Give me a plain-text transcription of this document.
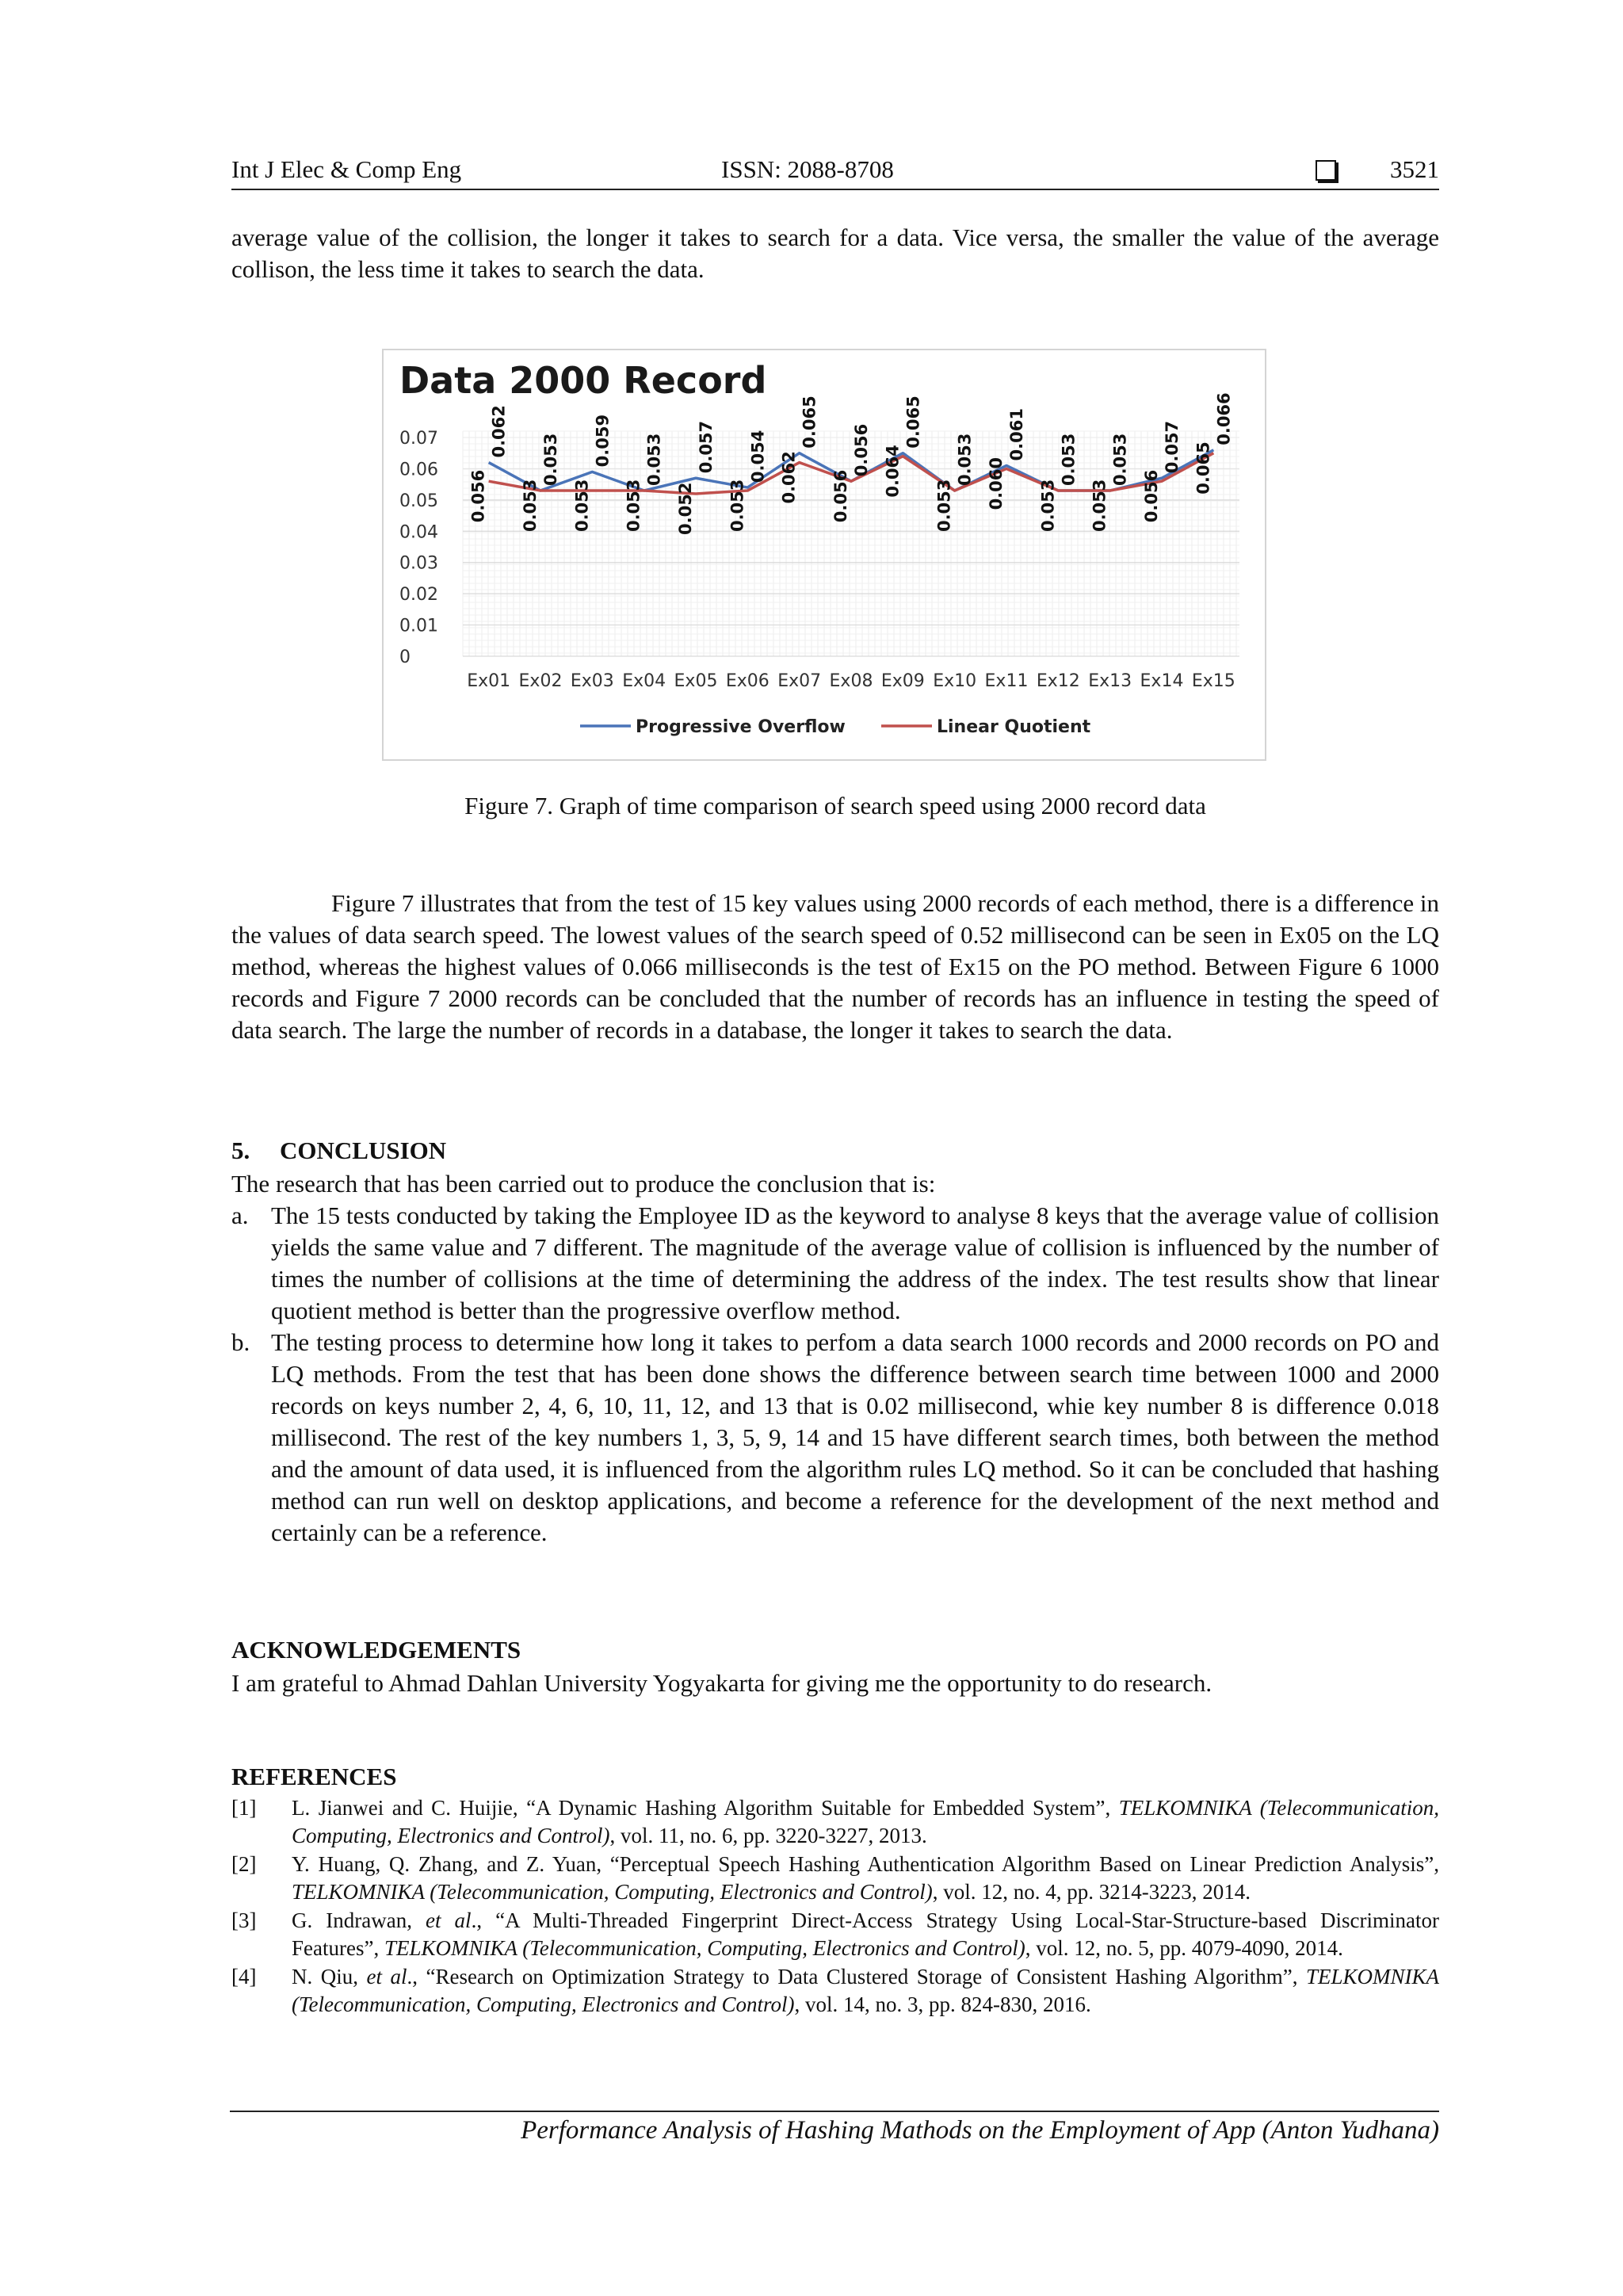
Int J Elec & Comp Eng	ISSN: 2088-8708	3521

average value of the collision, the longer it takes to search for a data. Vice versa, the smaller the value of the average collison, the less time it takes to search the data.

Data 2000 Record
0
0.01
0.02
0.03
0.04
0.05
0.06
0.07
Ex01 Ex02 Ex03 Ex04 Ex05 Ex06 Ex07 Ex08 Ex09 Ex10 Ex11 Ex12 Ex13 Ex14 Ex15
0.056
0.062
0.053
0.053
0.053
0.059
0.053
0.053
0.052
0.057
0.053
0.054 0.062
0.065
0.056
0.056 0.064
0.065
0.053
0.053 0.060
0.061
0.053
0.053
0.053
0.053
0.056
0.057 0.065
0.066
Progressive Overflow	Linear Quotient
Figure 7. Graph of time comparison of search speed using 2000 record data

Figure 7 illustrates that from the test of 15 key values using 2000 records of each method, there is a difference in the values of data search speed. The lowest values of the search speed of 0.52 millisecond can be seen in Ex05 on the LQ method, whereas the highest values of 0.066 milliseconds is the test of Ex15 on the PO method. Between Figure 6 1000 records and Figure 7 2000 records can be concluded that the number of records has an influence in testing the speed of data search. The large the number of records in a database, the longer it takes to search the data.

5. CONCLUSION

The research that has been carried out to produce the conclusion that is:

a. The 15 tests conducted by taking the Employee ID as the keyword to analyse 8 keys that the average value of collision yields the same value and 7 different. The magnitude of the average value of collision is influenced by the number of times the number of collisions at the time of determining the address of the index. The test results show that linear quotient method is better than the progressive overflow method.
b. The testing process to determine how long it takes to perfom a data search 1000 records and 2000 records on PO and LQ methods. From the test that has been done shows the difference between search time between 1000 and 2000 records on keys number 2, 4, 6, 10, 11, 12, and 13 that is 0.02 millisecond, whie key number 8 is difference 0.018 millisecond. The rest of the key numbers 1, 3, 5, 9, 14 and 15 have different search times, both between the method and the amount of data used, it is influenced from the algorithm rules LQ method. So it can be concluded that hashing method can run well on desktop applications, and become a reference for the development of the next method and certainly can be a reference.
ACKNOWLEDGEMENTS
I am grateful to Ahmad Dahlan University Yogyakarta for giving me the opportunity to do research.
REFERENCES
[1] L. Jianwei and C. Huijie, “A Dynamic Hashing Algorithm Suitable for Embedded System”, TELKOMNIKA (Telecommunication, Computing, Electronics and Control), vol. 11, no. 6, pp. 3220-3227, 2013.
[2] Y. Huang, Q. Zhang, and Z. Yuan, “Perceptual Speech Hashing Authentication Algorithm Based on Linear Prediction Analysis”, TELKOMNIKA (Telecommunication, Computing, Electronics and Control), vol. 12, no. 4, pp. 3214-3223, 2014.
[3] G. Indrawan, et al., “A Multi-Threaded Fingerprint Direct-Access Strategy Using Local-Star-Structure-based Discriminator Features”, TELKOMNIKA (Telecommunication, Computing, Electronics and Control), vol. 12, no. 5, pp. 4079-4090, 2014.
[4] N. Qiu, et al., “Research on Optimization Strategy to Data Clustered Storage of Consistent Hashing Algorithm”, TELKOMNIKA (Telecommunication, Computing, Electronics and Control), vol. 14, no. 3, pp. 824-830, 2016.
Performance Analysis of Hashing Mathods on the Employment of App (Anton Yudhana)
